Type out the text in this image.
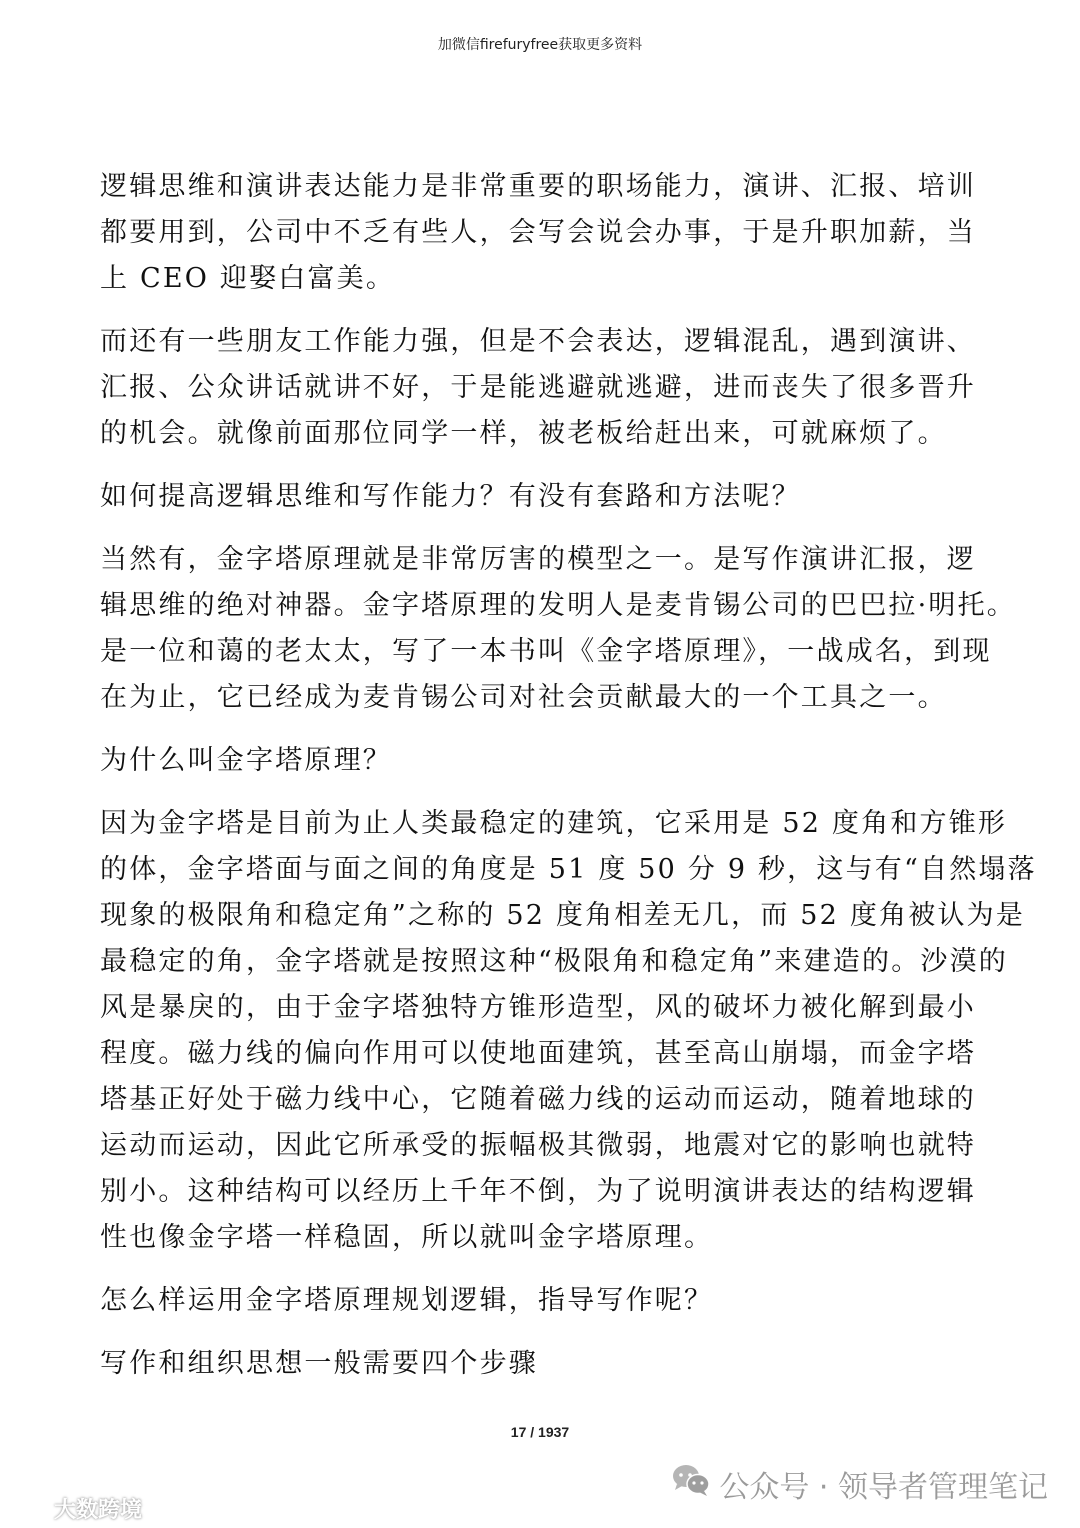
加微信firefuryfree获取更多资料
逻辑思维和演讲表达能力是非常重要的职场能力，演讲、汇报、培训
都要用到，公司中不乏有些人，会写会说会办事，于是升职加薪，当
上 CEO 迎娶白富美。
而还有一些朋友工作能力强，但是不会表达，逻辑混乱，遇到演讲、
汇报、公众讲话就讲不好，于是能逃避就逃避，进而丧失了很多晋升
的机会。就像前面那位同学一样，被老板给赶出来，可就麻烦了。
如何提高逻辑思维和写作能力？有没有套路和方法呢？
当然有，金字塔原理就是非常厉害的模型之一。是写作演讲汇报，逻
辑思维的绝对神器。金字塔原理的发明人是麦肯锡公司的巴巴拉·明托。
是一位和蔼的老太太，写了一本书叫《金字塔原理》，一战成名，到现
在为止，它已经成为麦肯锡公司对社会贡献最大的一个工具之一。
为什么叫金字塔原理？
因为金字塔是目前为止人类最稳定的建筑，它采用是 52 度角和方锥形
的体，金字塔面与面之间的角度是 51 度 50 分 9 秒，这与有“自然塌落
现象的极限角和稳定角”之称的 52 度角相差无几，而 52 度角被认为是
最稳定的角，金字塔就是按照这种“极限角和稳定角”来建造的。沙漠的
风是暴戾的，由于金字塔独特方锥形造型，风的破坏力被化解到最小
程度。磁力线的偏向作用可以使地面建筑，甚至高山崩塌，而金字塔
塔基正好处于磁力线中心，它随着磁力线的运动而运动，随着地球的
运动而运动，因此它所承受的振幅极其微弱，地震对它的影响也就特
别小。这种结构可以经历上千年不倒，为了说明演讲表达的结构逻辑
性也像金字塔一样稳固，所以就叫金字塔原理。
怎么样运用金字塔原理规划逻辑，指导写作呢？
写作和组织思想一般需要四个步骤
17 / 1937
公众号 · 领导者管理笔记
大数跨境
